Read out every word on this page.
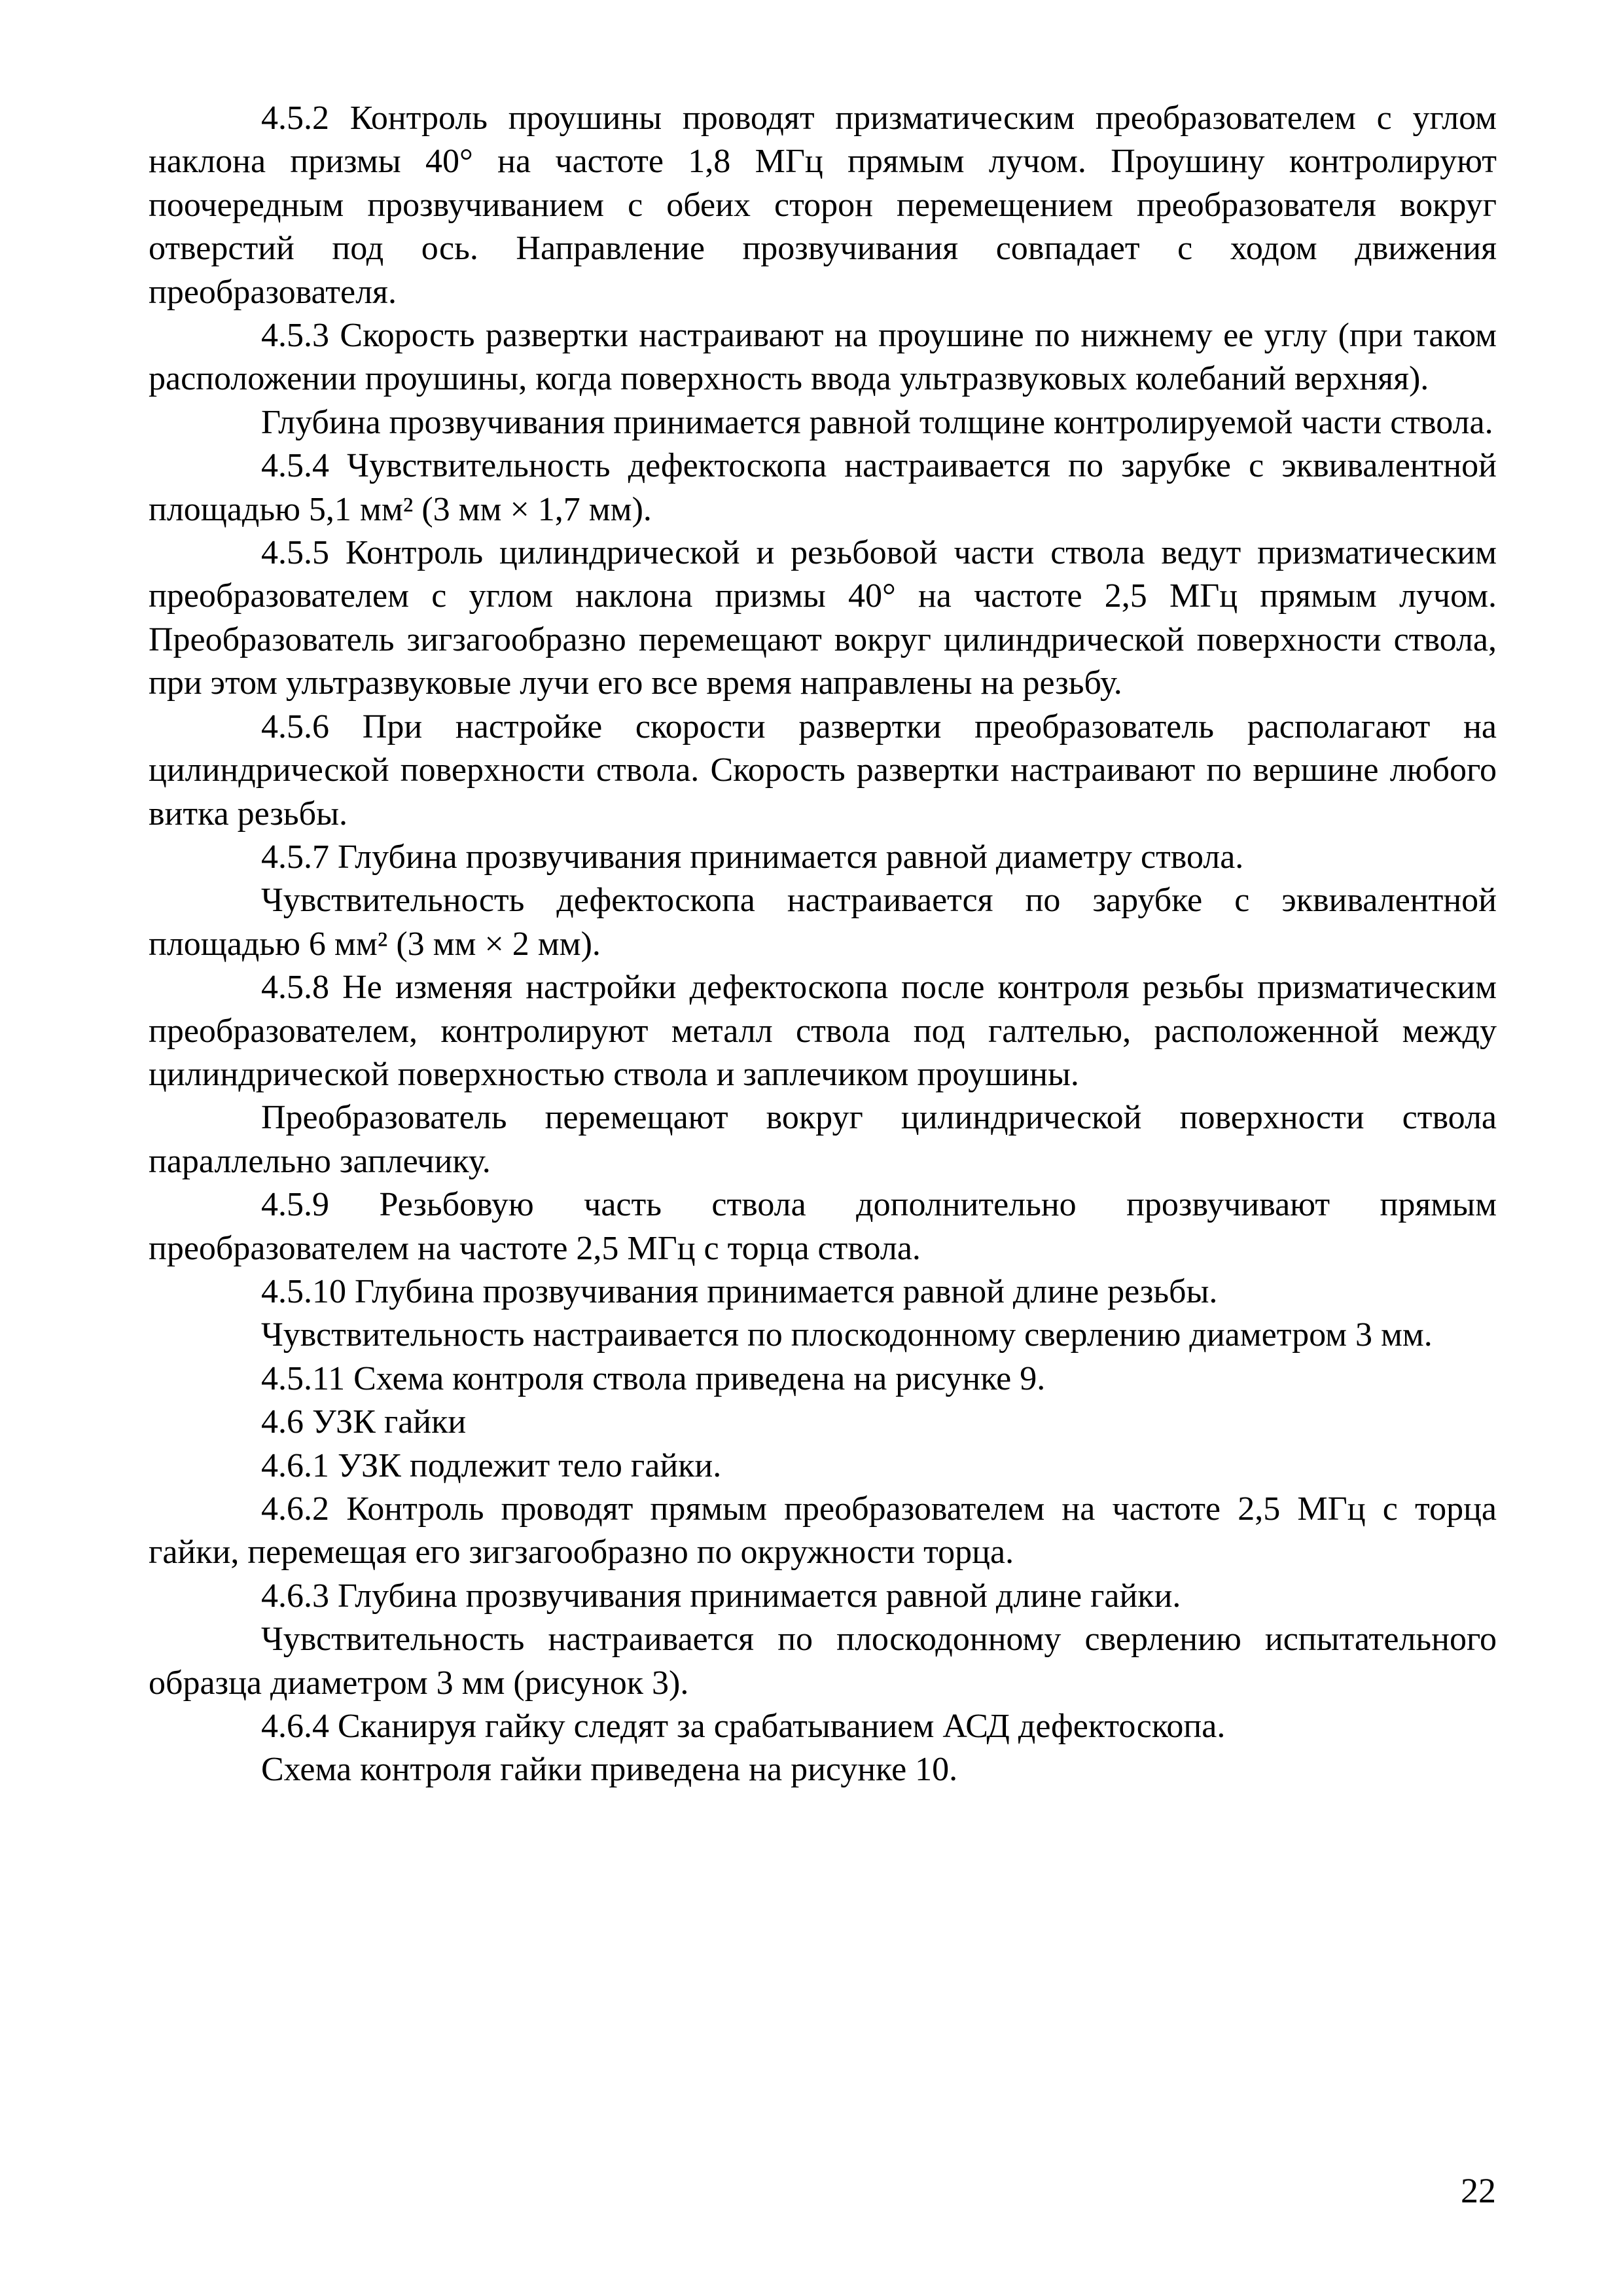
4.5.2 Контроль проушины проводят призматическим преобразователем с углом наклона призмы 40° на частоте 1,8 МГц прямым лучом. Проушину контролируют поочередным прозвучиванием с обеих сторон перемещением преобразователя вокруг отверстий под ось. Направление прозвучивания совпадает с ходом движения преобразователя.

4.5.3 Скорость развертки настраивают на проушине по нижнему ее углу (при таком расположении проушины, когда поверхность ввода ультразвуковых колебаний верхняя).

Глубина прозвучивания принимается равной толщине контролируемой части ствола.

4.5.4 Чувствительность дефектоскопа настраивается по зарубке с эквивалентной площадью 5,1 мм² (3 мм × 1,7 мм).

4.5.5 Контроль цилиндрической и резьбовой части ствола ведут призматическим преобразователем с углом наклона призмы 40° на частоте 2,5 МГц прямым лучом. Преобразователь зигзагообразно перемещают вокруг цилиндрической поверхности ствола, при этом ультразвуковые лучи его все время направлены на резьбу.

4.5.6 При настройке скорости развертки преобразователь располагают на цилиндрической поверхности ствола. Скорость развертки настраивают по вершине любого витка резьбы.

4.5.7 Глубина прозвучивания принимается равной диаметру ствола.

Чувствительность дефектоскопа настраивается по зарубке с эквивалентной площадью 6 мм² (3 мм × 2 мм).

4.5.8 Не изменяя настройки дефектоскопа после контроля резьбы призматическим преобразователем, контролируют металл ствола под галтелью, расположенной между цилиндрической поверхностью ствола и заплечиком проушины.

Преобразователь перемещают вокруг цилиндрической поверхности ствола параллельно заплечику.

4.5.9 Резьбовую часть ствола дополнительно прозвучивают прямым преобразователем на частоте 2,5 МГц с торца ствола.

4.5.10 Глубина прозвучивания принимается равной длине резьбы.

Чувствительность настраивается по плоскодонному сверлению диаметром 3 мм.

4.5.11 Схема контроля ствола приведена на рисунке 9.

4.6 УЗК гайки

4.6.1 УЗК подлежит тело гайки.

4.6.2 Контроль проводят прямым преобразователем на частоте 2,5 МГц с торца гайки, перемещая его зигзагообразно по окружности торца.

4.6.3 Глубина прозвучивания принимается равной длине гайки.

Чувствительность настраивается по плоскодонному сверлению испытательного образца диаметром 3 мм (рисунок 3).

4.6.4 Сканируя гайку следят за срабатыванием АСД дефектоскопа.

Схема контроля гайки приведена на рисунке 10.

22
